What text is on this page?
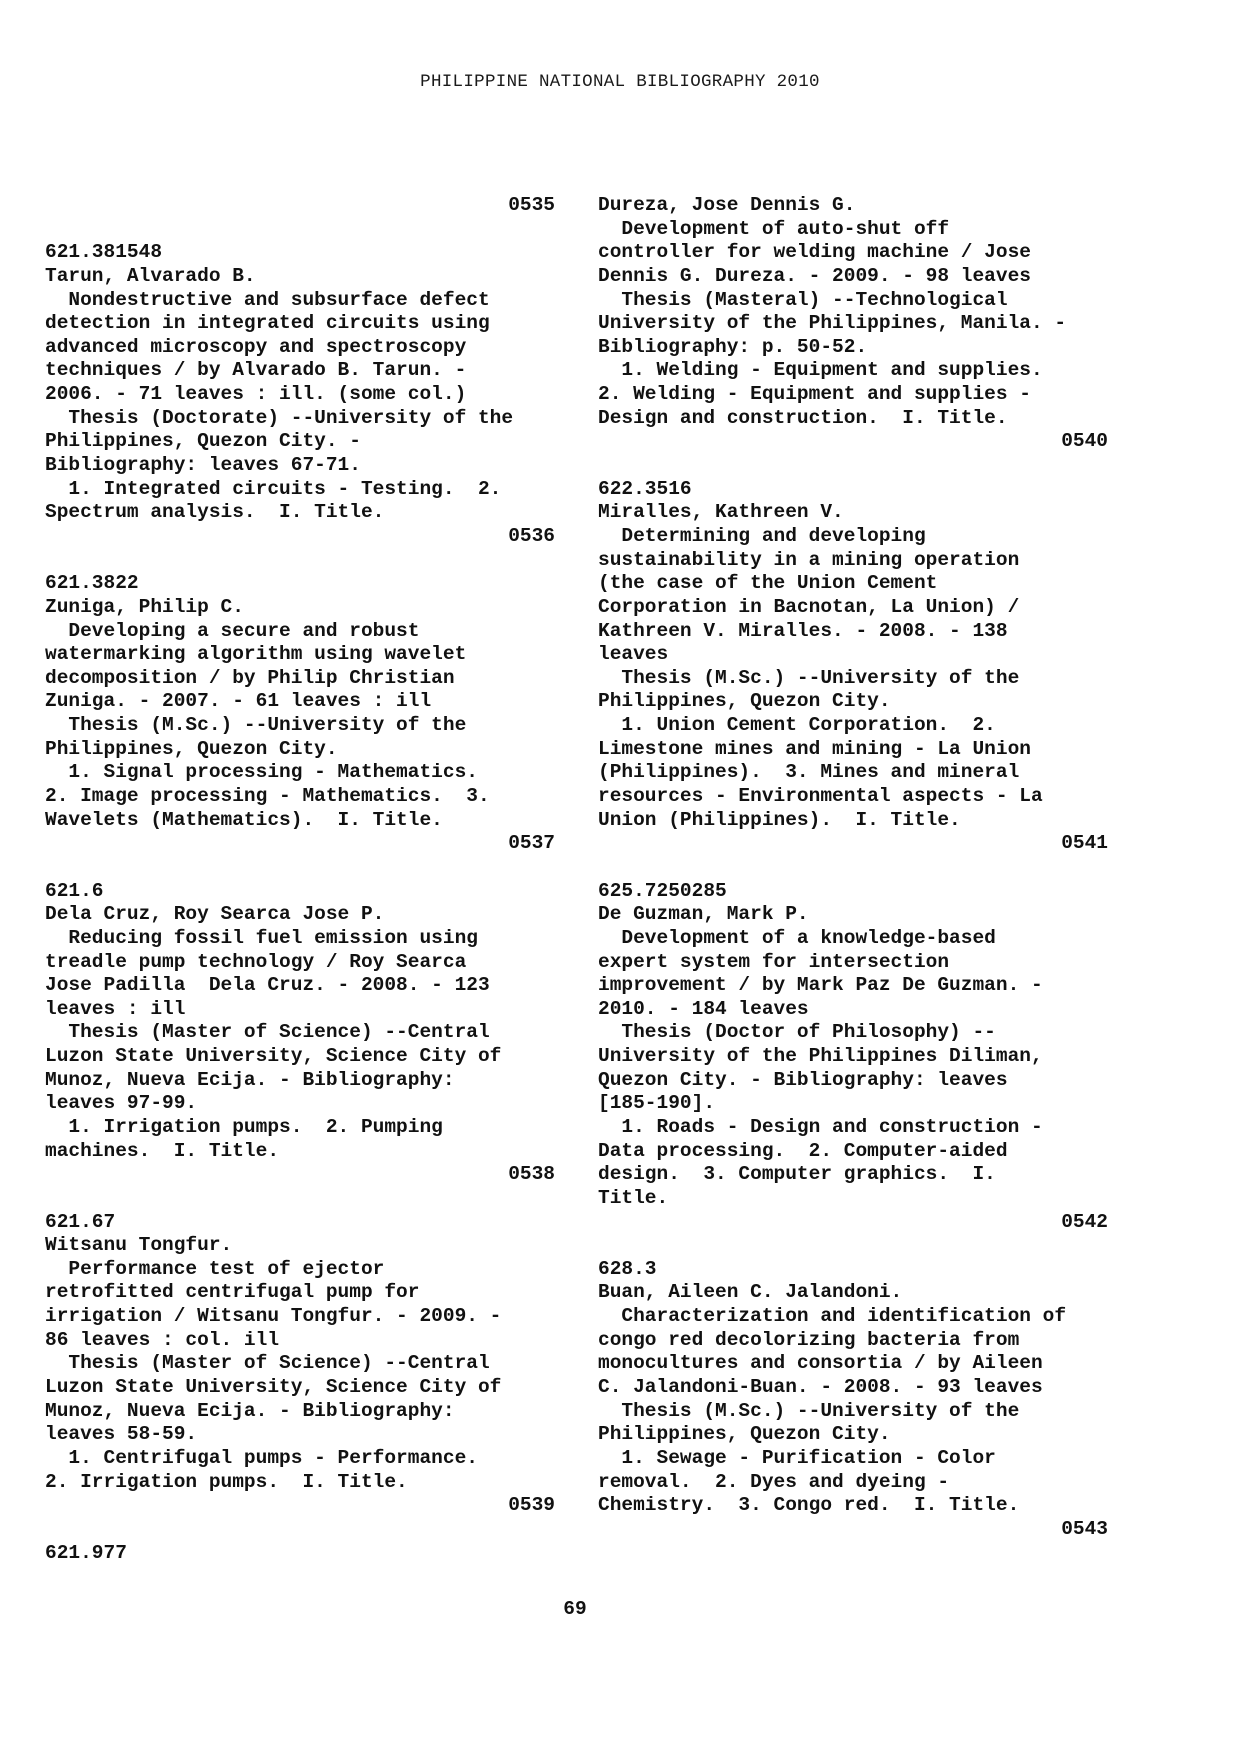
PHILIPPINE NATIONAL BIBLIOGRAPHY 2010
0535
621.381548
Tarun, Alvarado B.
Nondestructive and subsurface defect
detection in integrated circuits using
advanced microscopy and spectroscopy
techniques / by Alvarado B. Tarun. -
2006. - 71 leaves : ill. (some col.)
Thesis (Doctorate) --University of the
Philippines, Quezon City. -
Bibliography: leaves 67-71.
1. Integrated circuits - Testing.  2.
Spectrum analysis.  I. Title.
0536
621.3822
Zuniga, Philip C.
Developing a secure and robust
watermarking algorithm using wavelet
decomposition / by Philip Christian
Zuniga. - 2007. - 61 leaves : ill
Thesis (M.Sc.) --University of the
Philippines, Quezon City.
1. Signal processing - Mathematics.
2. Image processing - Mathematics.  3.
Wavelets (Mathematics).  I. Title.
0537
621.6
Dela Cruz, Roy Searca Jose P.
Reducing fossil fuel emission using
treadle pump technology / Roy Searca
Jose Padilla  Dela Cruz. - 2008. - 123
leaves : ill
Thesis (Master of Science) --Central
Luzon State University, Science City of
Munoz, Nueva Ecija. - Bibliography:
leaves 97-99.
1. Irrigation pumps.  2. Pumping
machines.  I. Title.
0538
621.67
Witsanu Tongfur.
Performance test of ejector
retrofitted centrifugal pump for
irrigation / Witsanu Tongfur. - 2009. -
86 leaves : col. ill
Thesis (Master of Science) --Central
Luzon State University, Science City of
Munoz, Nueva Ecija. - Bibliography:
leaves 58-59.
1. Centrifugal pumps - Performance.
2. Irrigation pumps.  I. Title.
0539
621.977
Dureza, Jose Dennis G.
Development of auto-shut off
controller for welding machine / Jose
Dennis G. Dureza. - 2009. - 98 leaves
Thesis (Masteral) --Technological
University of the Philippines, Manila. -
Bibliography: p. 50-52.
1. Welding - Equipment and supplies.
2. Welding - Equipment and supplies -
Design and construction.  I. Title.
0540
622.3516
Miralles, Kathreen V.
Determining and developing
sustainability in a mining operation
(the case of the Union Cement
Corporation in Bacnotan, La Union) /
Kathreen V. Miralles. - 2008. - 138
leaves
Thesis (M.Sc.) --University of the
Philippines, Quezon City.
1. Union Cement Corporation.  2.
Limestone mines and mining - La Union
(Philippines).  3. Mines and mineral
resources - Environmental aspects - La
Union (Philippines).  I. Title.
0541
625.7250285
De Guzman, Mark P.
Development of a knowledge-based
expert system for intersection
improvement / by Mark Paz De Guzman. -
2010. - 184 leaves
Thesis (Doctor of Philosophy) --
University of the Philippines Diliman,
Quezon City. - Bibliography: leaves
[185-190].
1. Roads - Design and construction -
Data processing.  2. Computer-aided
design.  3. Computer graphics.  I.
Title.
0542
628.3
Buan, Aileen C. Jalandoni.
Characterization and identification of
congo red decolorizing bacteria from
monocultures and consortia / by Aileen
C. Jalandoni-Buan. - 2008. - 93 leaves
Thesis (M.Sc.) --University of the
Philippines, Quezon City.
1. Sewage - Purification - Color
removal.  2. Dyes and dyeing -
Chemistry.  3. Congo red.  I. Title.
0543
69
